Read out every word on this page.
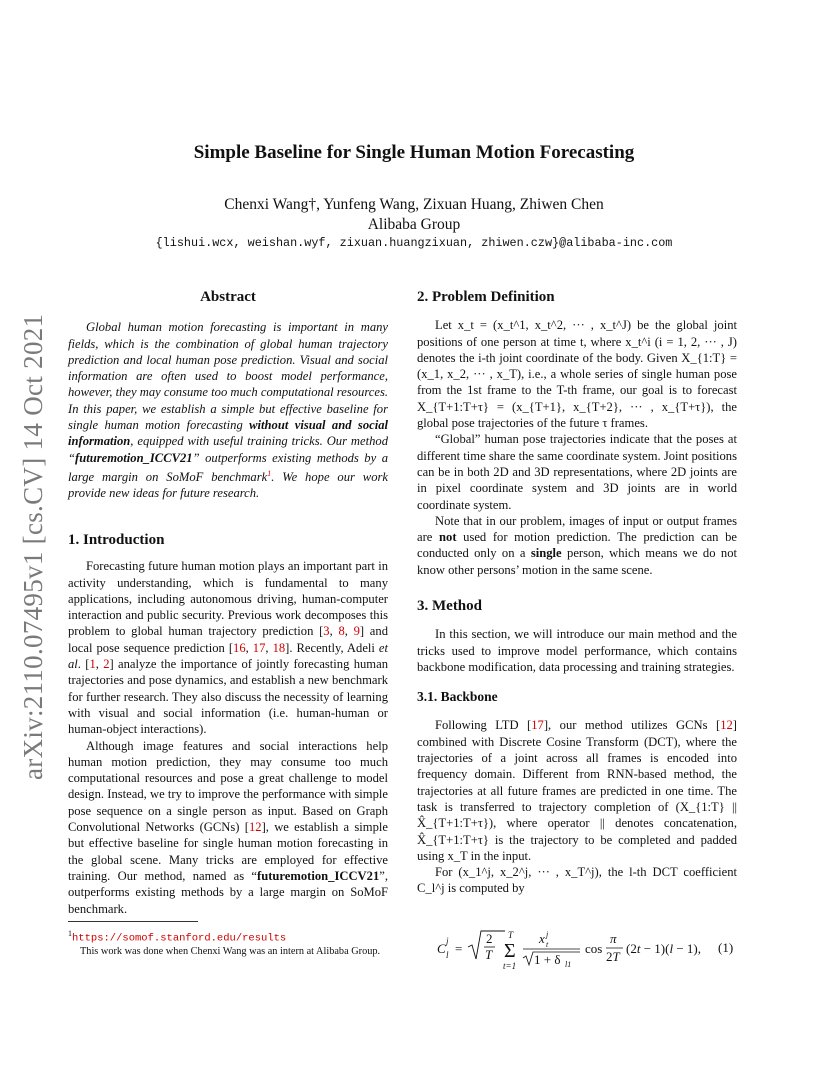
arXiv:2110.07495v1 [cs.CV] 14 Oct 2021
Simple Baseline for Single Human Motion Forecasting
Chenxi Wang†, Yunfeng Wang, Zixuan Huang, Zhiwen Chen
Alibaba Group
{lishui.wcx, weishan.wyf, zixuan.huangzixuan, zhiwen.czw}@alibaba-inc.com
Abstract

Global human motion forecasting is important in many fields, which is the combination of global human trajectory prediction and local human pose prediction. Visual and social information are often used to boost model performance, however, they may consume too much computational resources. In this paper, we establish a simple but effective baseline for single human motion forecasting without visual and social information, equipped with useful training tricks. Our method “futuremotion_ICCV21” outperforms existing methods by a large margin on SoMoF benchmark$^1$. We hope our work provide new ideas for future research.

1. Introduction

Forecasting future human motion plays an important part in activity understanding, which is fundamental to many applications, including autonomous driving, human-computer interaction and public security. Previous work decomposes this problem to global human trajectory prediction [3, 8, 9] and local pose sequence prediction [16, 17, 18]. Recently, Adeli et al. [1, 2] analyze the importance of jointly forecasting human trajectories and pose dynamics, and establish a new benchmark for further research. They also discuss the necessity of learning with visual and social information (i.e. human-human or human-object interactions).

Although image features and social interactions help human motion prediction, they may consume too much computational resources and pose a great challenge to model design. Instead, we try to improve the performance with simple pose sequence on a single person as input. Based on Graph Convolutional Networks (GCNs) [12], we establish a simple but effective baseline for single human motion forecasting in the global scene. Many tricks are employed for effective training. Our method, named as “futuremotion_ICCV21”, outperforms existing methods by a large margin on SoMoF benchmark.

$^1$https://somof.stanford.edu/results
This work was done when Chenxi Wang was an intern at Alibaba Group.
2. Problem Definition

Let x_t = (x_t^1, x_t^2, ··· , x_t^J) be the global joint positions of one person at time t, where x_t^i (i = 1, 2, ··· , J) denotes the i-th joint coordinate of the body. Given X_{1:T} = (x_1, x_2, ··· , x_T), i.e., a whole series of single human pose from the 1st frame to the T-th frame, our goal is to forecast X_{T+1:T+τ} = (x_{T+1}, x_{T+2}, ··· , x_{T+τ}), the global pose trajectories of the future τ frames.

“Global” human pose trajectories indicate that the poses at different time share the same coordinate system. Joint positions can be in both 2D and 3D representations, where 2D joints are in pixel coordinate system and 3D joints are in world coordinate system.

Note that in our problem, images of input or output frames are not used for motion prediction. The prediction can be conducted only on a single person, which means we do not know other persons’ motion in the same scene.

3. Method

In this section, we will introduce our main method and the tricks used to improve model performance, which contains backbone modification, data processing and training strategies.

3.1. Backbone

Following LTD [17], our method utilizes GCNs [12] combined with Discrete Cosine Transform (DCT), where the trajectories of a joint across all frames is encoded into frequency domain. Different from RNN-based method, the trajectories at all future frames are predicted in one time. The task is transferred to trajectory completion of (X_{1:T} || X̂_{T+1:T+τ}), where operator || denotes concatenation, X̂_{T+1:T+τ} is the trajectory to be completed and padded using x_T in the input.

For (x_1^j, x_2^j, ··· , x_T^j), the l-th DCT coefficient C_l^j is computed by

C l
j =
2
T
T
Σ
t=1
x t
j
1 + δ l1
cos
π
2T
(2t − 1)(l − 1), (1)
